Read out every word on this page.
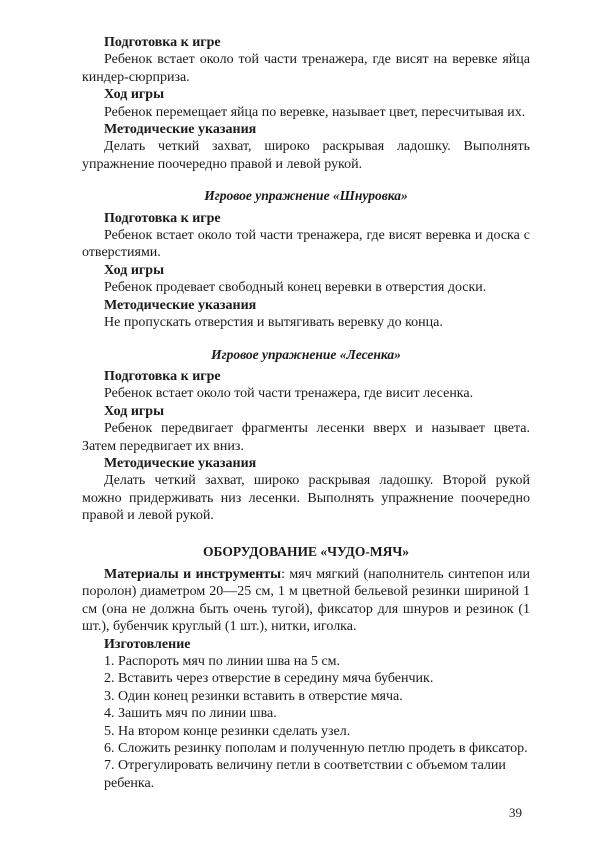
Подготовка к игре

Ребенок встает около той части тренажера, где висят на веревке яйца киндер-сюрприза.

Ход игры

Ребенок перемещает яйца по веревке, называет цвет, пересчитывая их.

Методические указания

Делать четкий захват, широко раскрывая ладошку. Выполнять упражнение поочередно правой и левой рукой.

Игровое упражнение «Шнуровка»
Подготовка к игре

Ребенок встает около той части тренажера, где висят веревка и доска с отверстиями.

Ход игры

Ребенок продевает свободный конец веревки в отверстия доски.

Методические указания

Не пропускать отверстия и вытягивать веревку до конца.

Игровое упражнение «Лесенка»
Подготовка к игре

Ребенок встает около той части тренажера, где висит лесенка.

Ход игры

Ребенок передвигает фрагменты лесенки вверх и называет цвета. Затем передвигает их вниз.

Методические указания

Делать четкий захват, широко раскрывая ладошку. Второй рукой можно придерживать низ лесенки. Выполнять упражнение поочередно правой и левой рукой.

ОБОРУДОВАНИЕ «ЧУДО-МЯЧ»

Материалы и инструменты: мяч мягкий (наполнитель синтепон или поролон) диаметром 20—25 см, 1 м цветной бельевой резинки шириной 1 см (она не должна быть очень тугой), фиксатор для шнуров и резинок (1 шт.), бубенчик круглый (1 шт.), нитки, иголка.

Изготовление
1. Распороть мяч по линии шва на 5 см.
2. Вставить через отверстие в середину мяча бубенчик.
3. Один конец резинки вставить в отверстие мяча.
4. Зашить мяч по линии шва.
5. На втором конце резинки сделать узел.
6. Сложить резинку пополам и полученную петлю продеть в фиксатор.
7. Отрегулировать величину петли в соответствии с объемом талии ребенка.
39
